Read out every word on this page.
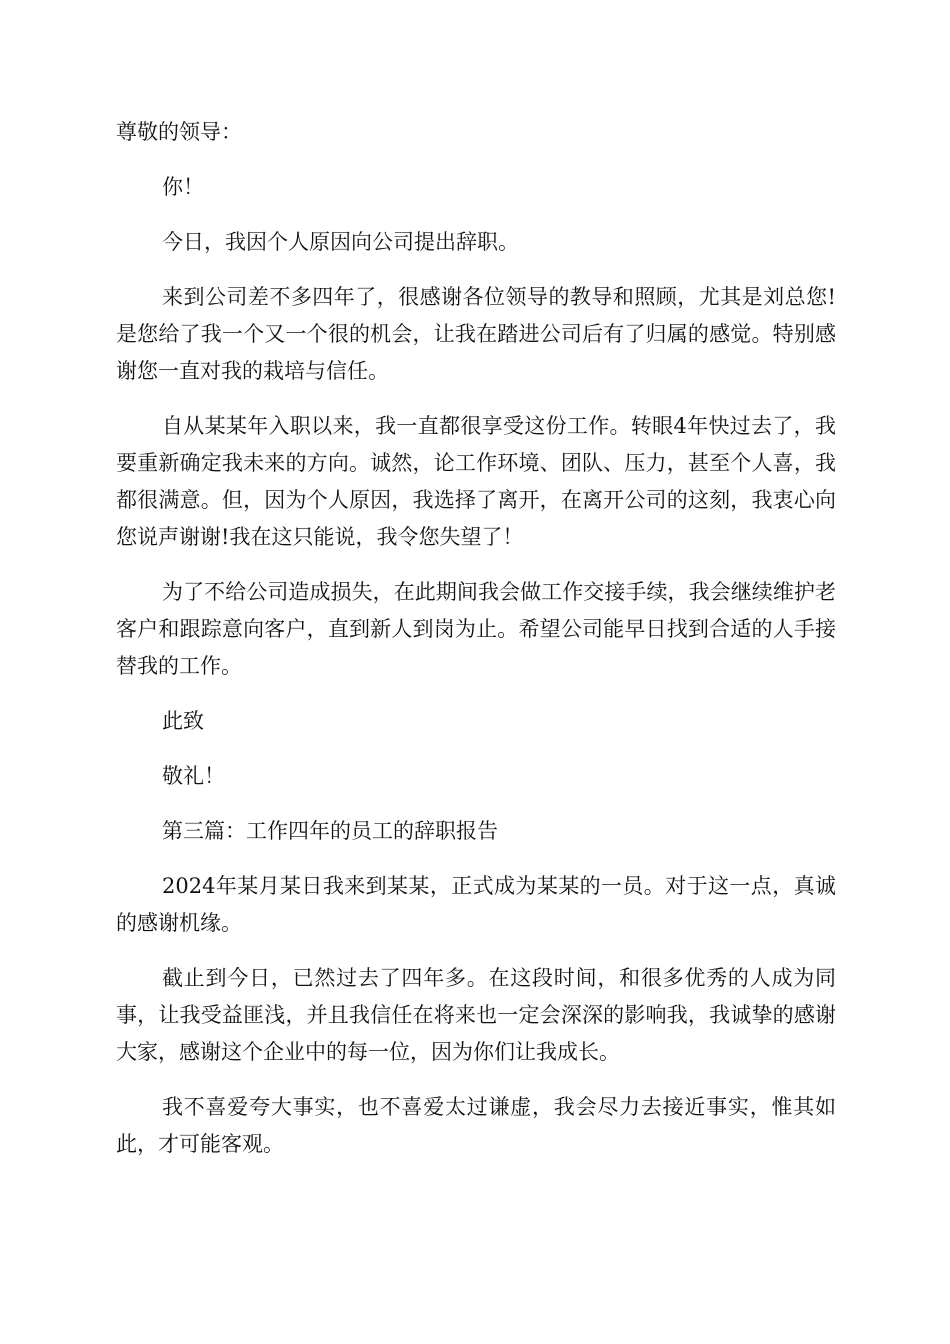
尊敬的领导：

你！

今日，我因个人原因向公司提出辞职。

来到公司差不多四年了，很感谢各位领导的教导和照顾，尤其是刘总您!是您给了我一个又一个很的机会，让我在踏进公司后有了归属的感觉。特别感谢您一直对我的栽培与信任。

自从某某年入职以来，我一直都很享受这份工作。转眼4年快过去了，我要重新确定我未来的方向。诚然，论工作环境、团队、压力，甚至个人喜，我都很满意。但，因为个人原因，我选择了离开，在离开公司的这刻，我衷心向您说声谢谢!我在这只能说，我令您失望了！

为了不给公司造成损失，在此期间我会做工作交接手续，我会继续维护老客户和跟踪意向客户，直到新人到岗为止。希望公司能早日找到合适的人手接替我的工作。

此致

敬礼！

第三篇：工作四年的员工的辞职报告

2024年某月某日我来到某某，正式成为某某的一员。对于这一点，真诚的感谢机缘。

截止到今日，已然过去了四年多。在这段时间，和很多优秀的人成为同事，让我受益匪浅，并且我信任在将来也一定会深深的影响我，我诚挚的感谢大家，感谢这个企业中的每一位，因为你们让我成长。

我不喜爱夸大事实，也不喜爱太过谦虚，我会尽力去接近事实，惟其如此，才可能客观。
